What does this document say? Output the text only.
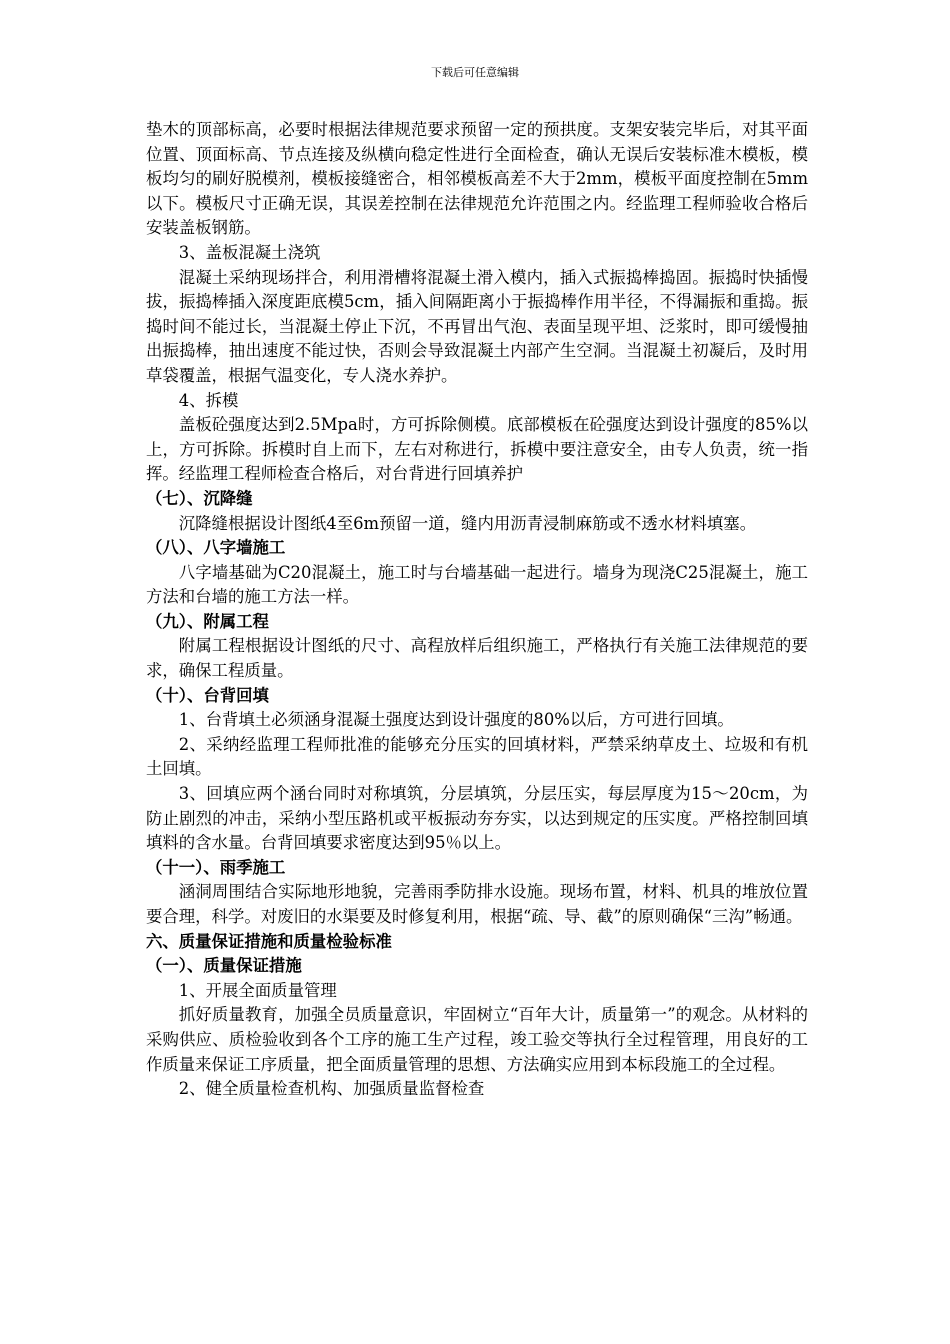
下载后可任意编辑

垫木的顶部标高，必要时根据法律规范要求预留一定的预拱度。支架安装完毕后，对其平面位置、顶面标高、节点连接及纵横向稳定性进行全面检查，确认无误后安装标准木模板，模板均匀的刷好脱模剂，模板接缝密合，相邻模板高差不大于2mm，模板平面度控制在5mm以下。模板尺寸正确无误，其误差控制在法律规范允许范围之内。经监理工程师验收合格后安装盖板钢筋。

3、盖板混凝土浇筑

混凝土采纳现场拌合，利用滑槽将混凝土滑入模内，插入式振捣棒捣固。振捣时快插慢拔，振捣棒插入深度距底模5cm，插入间隔距离小于振捣棒作用半径，不得漏振和重捣。振捣时间不能过长，当混凝土停止下沉，不再冒出气泡、表面呈现平坦、泛浆时，即可缓慢抽出振捣棒，抽出速度不能过快，否则会导致混凝土内部产生空洞。当混凝土初凝后，及时用草袋覆盖，根据气温变化，专人浇水养护。

4、拆模

盖板砼强度达到2.5Mpa时，方可拆除侧模。底部模板在砼强度达到设计强度的85%以上，方可拆除。拆模时自上而下，左右对称进行，拆模中要注意安全，由专人负责，统一指挥。经监理工程师检查合格后，对台背进行回填养护

（七）、沉降缝

沉降缝根据设计图纸4至6m预留一道，缝内用沥青浸制麻筋或不透水材料填塞。

（八）、八字墙施工

八字墙基础为C20混凝土，施工时与台墙基础一起进行。墙身为现浇C25混凝土，施工方法和台墙的施工方法一样。

（九）、附属工程

附属工程根据设计图纸的尺寸、高程放样后组织施工，严格执行有关施工法律规范的要求，确保工程质量。

（十）、台背回填

1、台背填土必须涵身混凝土强度达到设计强度的80%以后，方可进行回填。

2、采纳经监理工程师批准的能够充分压实的回填材料，严禁采纳草皮土、垃圾和有机土回填。

3、回填应两个涵台同时对称填筑，分层填筑，分层压实，每层厚度为15～20cm，为防止剧烈的冲击，采纳小型压路机或平板振动夯夯实，以达到规定的压实度。严格控制回填填料的含水量。台背回填要求密度达到95％以上。

（十一）、雨季施工

涵洞周围结合实际地形地貌，完善雨季防排水设施。现场布置，材料、机具的堆放位置要合理，科学。对废旧的水渠要及时修复利用，根据“疏、导、截”的原则确保“三沟”畅通。

六、质量保证措施和质量检验标准

（一）、质量保证措施

1、开展全面质量管理

抓好质量教育，加强全员质量意识，牢固树立“百年大计，质量第一”的观念。从材料的采购供应、质检验收到各个工序的施工生产过程，竣工验交等执行全过程管理，用良好的工作质量来保证工序质量，把全面质量管理的思想、方法确实应用到本标段施工的全过程。

2、健全质量检查机构、加强质量监督检查
